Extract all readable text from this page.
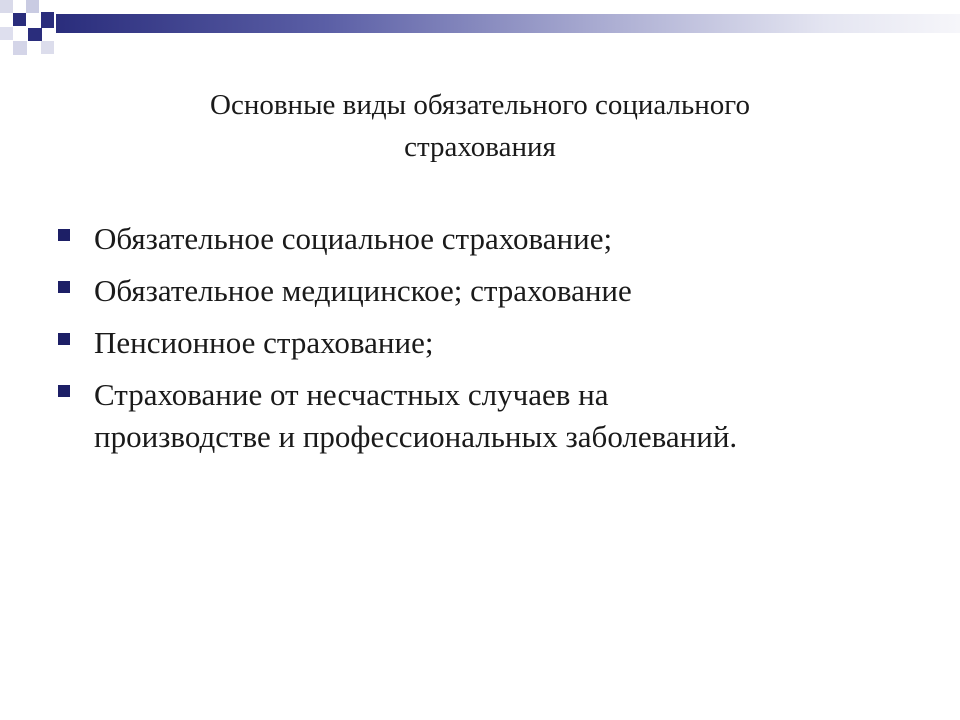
Основные виды обязательного социального
страхования
Обязательное социальное страхование;
Обязательное медицинское; страхование
Пенсионное страхование;
Страхование от несчастных случаев на
производстве и профессиональных заболеваний.
